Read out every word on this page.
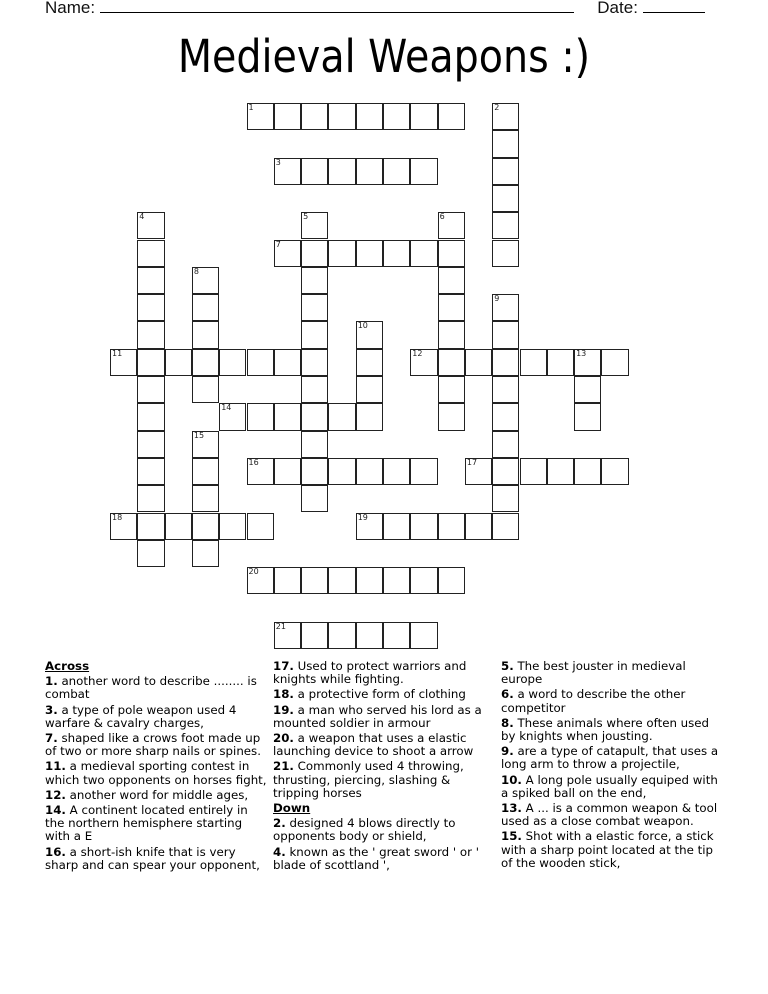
Name:	Date:
Medieval Weapons :)
1	2
3
4	5	6
7
8
9
10
11	12	13
14
15
16	17
18	19
20
21
Across
1. another word to describe ........ is combat
3. a type of pole weapon used 4 warfare & cavalry charges,
7. shaped like a crows foot made up of two or more sharp nails or spines.
11. a medieval sporting contest in which two opponents on horses fight,
12. another word for middle ages,
14. A continent located entirely in the northern hemisphere starting with a E
16. a short-ish knife that is very sharp and can spear your opponent,
17. Used to protect warriors and knights while fighting.
18. a protective form of clothing
19. a man who served his lord as a mounted soldier in armour
20. a weapon that uses a elastic launching device to shoot a arrow
21. Commonly used 4 throwing, thrusting, piercing, slashing & tripping horses
Down
2. designed 4 blows directly to opponents body or shield,
4. known as the ' great sword ' or ' blade of scottland ',
5. The best jouster in medieval europe
6. a word to describe the other competitor
8. These animals where often used by knights when jousting.
9. are a type of catapult, that uses a long arm to throw a projectile,
10. A long pole usually equiped with a spiked ball on the end,
13. A ... is a common weapon & tool used as a close combat weapon.
15. Shot with a elastic force, a stick with a sharp point located at the tip of the wooden stick,
